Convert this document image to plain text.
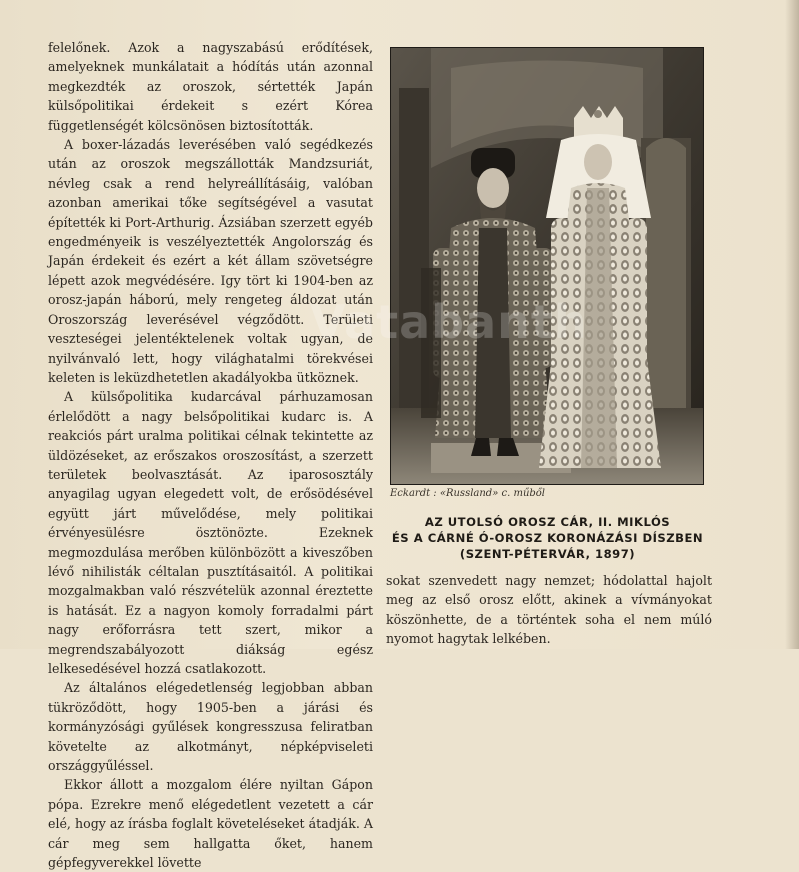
felelőnek. Azok a nagyszabású erődítések, amelyeknek munkálatait a hódítás után azonnal megkezdték az oroszok, sértették Japán külsőpolitikai érdekeit s ezért Kórea függetlenségét kölcsönösen biztosították.

A boxer-lázadás leverésében való segédkezés után az oroszok megszállották Mandzsuriát, névleg csak a rend helyreállításáig, valóban azonban amerikai tőke segítségével a vasutat építették ki Port-Arthurig. Ázsiában szerzett egyéb engedményeik is veszélyeztették Angolország és Japán érdekeit és ezért a két állam szövetségre lépett azok megvédésére. Igy tört ki 1904-ben az orosz-japán háború, mely rengeteg áldozat után Oroszország leverésével végződött. Területi veszteségei jelentéktelenek voltak ugyan, de nyilvánvaló lett, hogy világhatalmi törekvései keleten is leküzdhetetlen akadályokba ütköznek.

A külsőpolitika kudarcával párhuzamosan érlelődött a nagy belsőpolitikai kudarc is. A reakciós párt uralma politikai célnak tekintette az üldözéseket, az erőszakos oroszosítást, a szerzett területek beolvasztását. Az iparososztály anyagilag ugyan elegedett volt, de erősödésével együtt járt művelődése, mely politikai érvényesülésre ösztönözte. Ezeknek megmozdulása merőben különbözött a kiveszőben lévő nihilisták céltalan pusztításaitól. A politikai mozgalmakban való részvételük azonnal éreztette is hatását. Ez a nagyon komoly forradalmi párt nagy erőforrásra tett szert, mikor a megrendszabályozott diákság egész lelkesedésével hozzá csatlakozott.

Az általános elégedetlenség legjobban abban tükröződött, hogy 1905-ben a járási és kormányzósági gyűlések kongresszusa feliratban követelte az alkotmányt, népképviseleti országgyűléssel.

Ekkor állott a mozgalom élére nyiltan Gápon pópa. Ezrekre menő elégedetlent vezetett a cár elé, hogy az írásba foglalt követeléseket átadják. A cár meg sem hallgatta őket, hanem gépfegyverekkel lövette

Eckardt : «Russland» c. műből
AZ UTOLSÓ OROSZ CÁR, II. MIKLÓS
ÉS A CÁRNÉ Ó-OROSZ KORONÁZÁSI DÍSZBEN
(SZENT-PÉTERVÁR, 1897)

sokat szenvedett nagy nemzet; hódolattal hajolt meg az első orosz előtt, akinek a vívmányokat köszönhette, de a történtek soha el nem múló nyomot hagytak lelkében.

Vatabanth
